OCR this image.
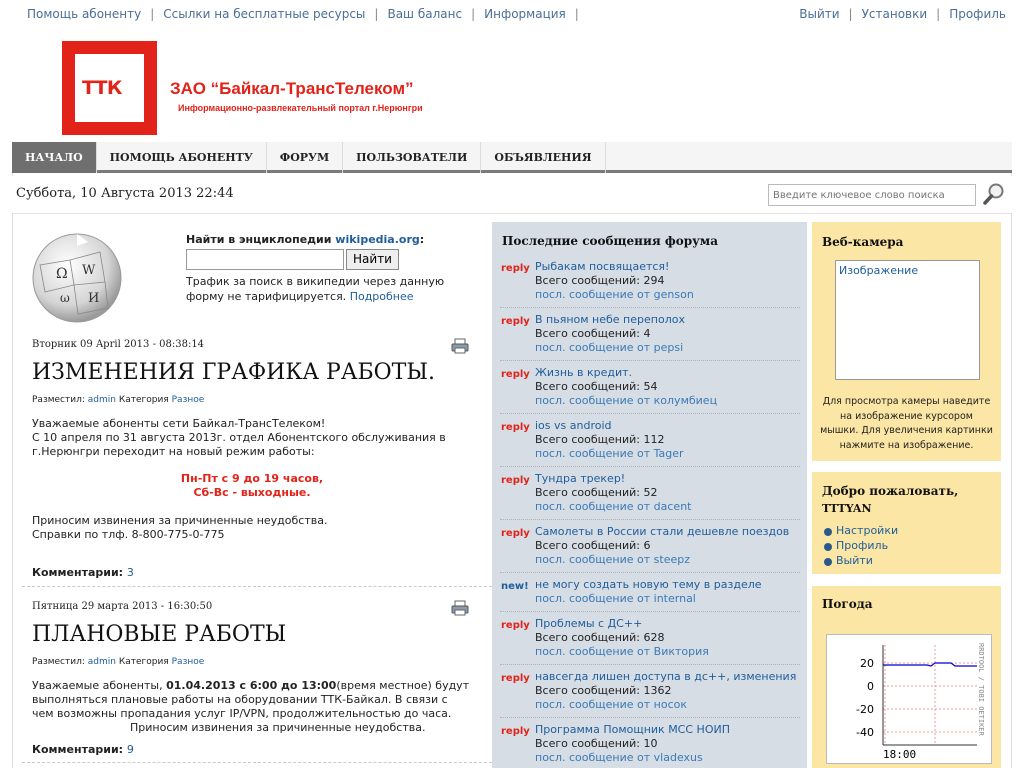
Помощь абоненту | Ссылки на бесплатные ресурсы | Ваш баланс | Информация |	Выйти | Установки | Профиль
ТТК	ЗАО “Байкал-ТрансТелеком”
Информационно-развлекательный портал г.Нерюнгри
НАЧАЛО	ПОМОЩЬ АБОНЕНТУ	ФОРУМ	ПОЛЬЗОВАТЕЛИ	ОБЪЯВЛЕНИЯ
Суббота, 10 Августа 2013 22:44
Введите ключевое слово поиска
Ω W
ω И
Найти в энциклопедии wikipedia.org:
Найти
Трафик за поиск в википедии через данную форму не тарифицируется. Подробнее
Вторник 09 April 2013 - 08:38:14
ИЗМЕНЕНИЯ ГРАФИКА РАБОТЫ.
Разместил: admin Категория Разное
Уважаемые абоненты сети Байкал-ТрансТелеком!
С 10 апреля по 31 августа 2013г. отдел Абонентского обслуживания в г.Нерюнгри переходит на новый режим работы:
Пн-Пт с 9 до 19 часов,
Сб-Вс - выходные.
Приносим извинения за причиненные неудобства.
Справки по тлф. 8-800-775-0-775
Комментарии: 3
Пятница 29 марта 2013 - 16:30:50
ПЛАНОВЫЕ РАБОТЫ
Разместил: admin Категория Разное
Уважаемые абоненты, 01.04.2013 с 6:00 до 13:00(время местное) будут выполняться плановые работы на оборудовании ТТК-Байкал. В связи с чем возможны пропадания услуг IP/VPN, продолжительностью до часа.
Приносим извинения за причиненные неудобства.
Комментарии: 9
Последние сообщения форума
reply Рыбакам посвящается!
Всего сообщений: 294
посл. сообщение от genson
reply В пьяном небе переполох
Всего сообщений: 4
посл. сообщение от pepsi
reply Жизнь в кредит.
Всего сообщений: 54
посл. сообщение от колумбиец
reply ios vs android
Всего сообщений: 112
посл. сообщение от Tager
reply Тундра трекер!
Всего сообщений: 52
посл. сообщение от dacent
reply Самолеты в России стали дешевле поездов
Всего сообщений: 6
посл. сообщение от steepz
new! не могу создать новую тему в разделе
посл. сообщение от internal
reply Проблемы с ДС++
Всего сообщений: 628
посл. сообщение от Виктория
reply навсегда лишен доступа в дс++, изменения
Всего сообщений: 1362
посл. сообщение от носок
reply Программа Помощник МСС НОИП
Всего сообщений: 10
посл. сообщение от vladexus
Веб-камера
Изображение
Для просмотра камеры наведите на изображение курсором мышки. Для увеличения картинки нажмите на изображение.
Добро пожаловать,
TTTYAN
Настройки
Профиль
Выйти
Погода
20
0
-20
-40
18:00
RRDTOOL / TOBI OETIKER
